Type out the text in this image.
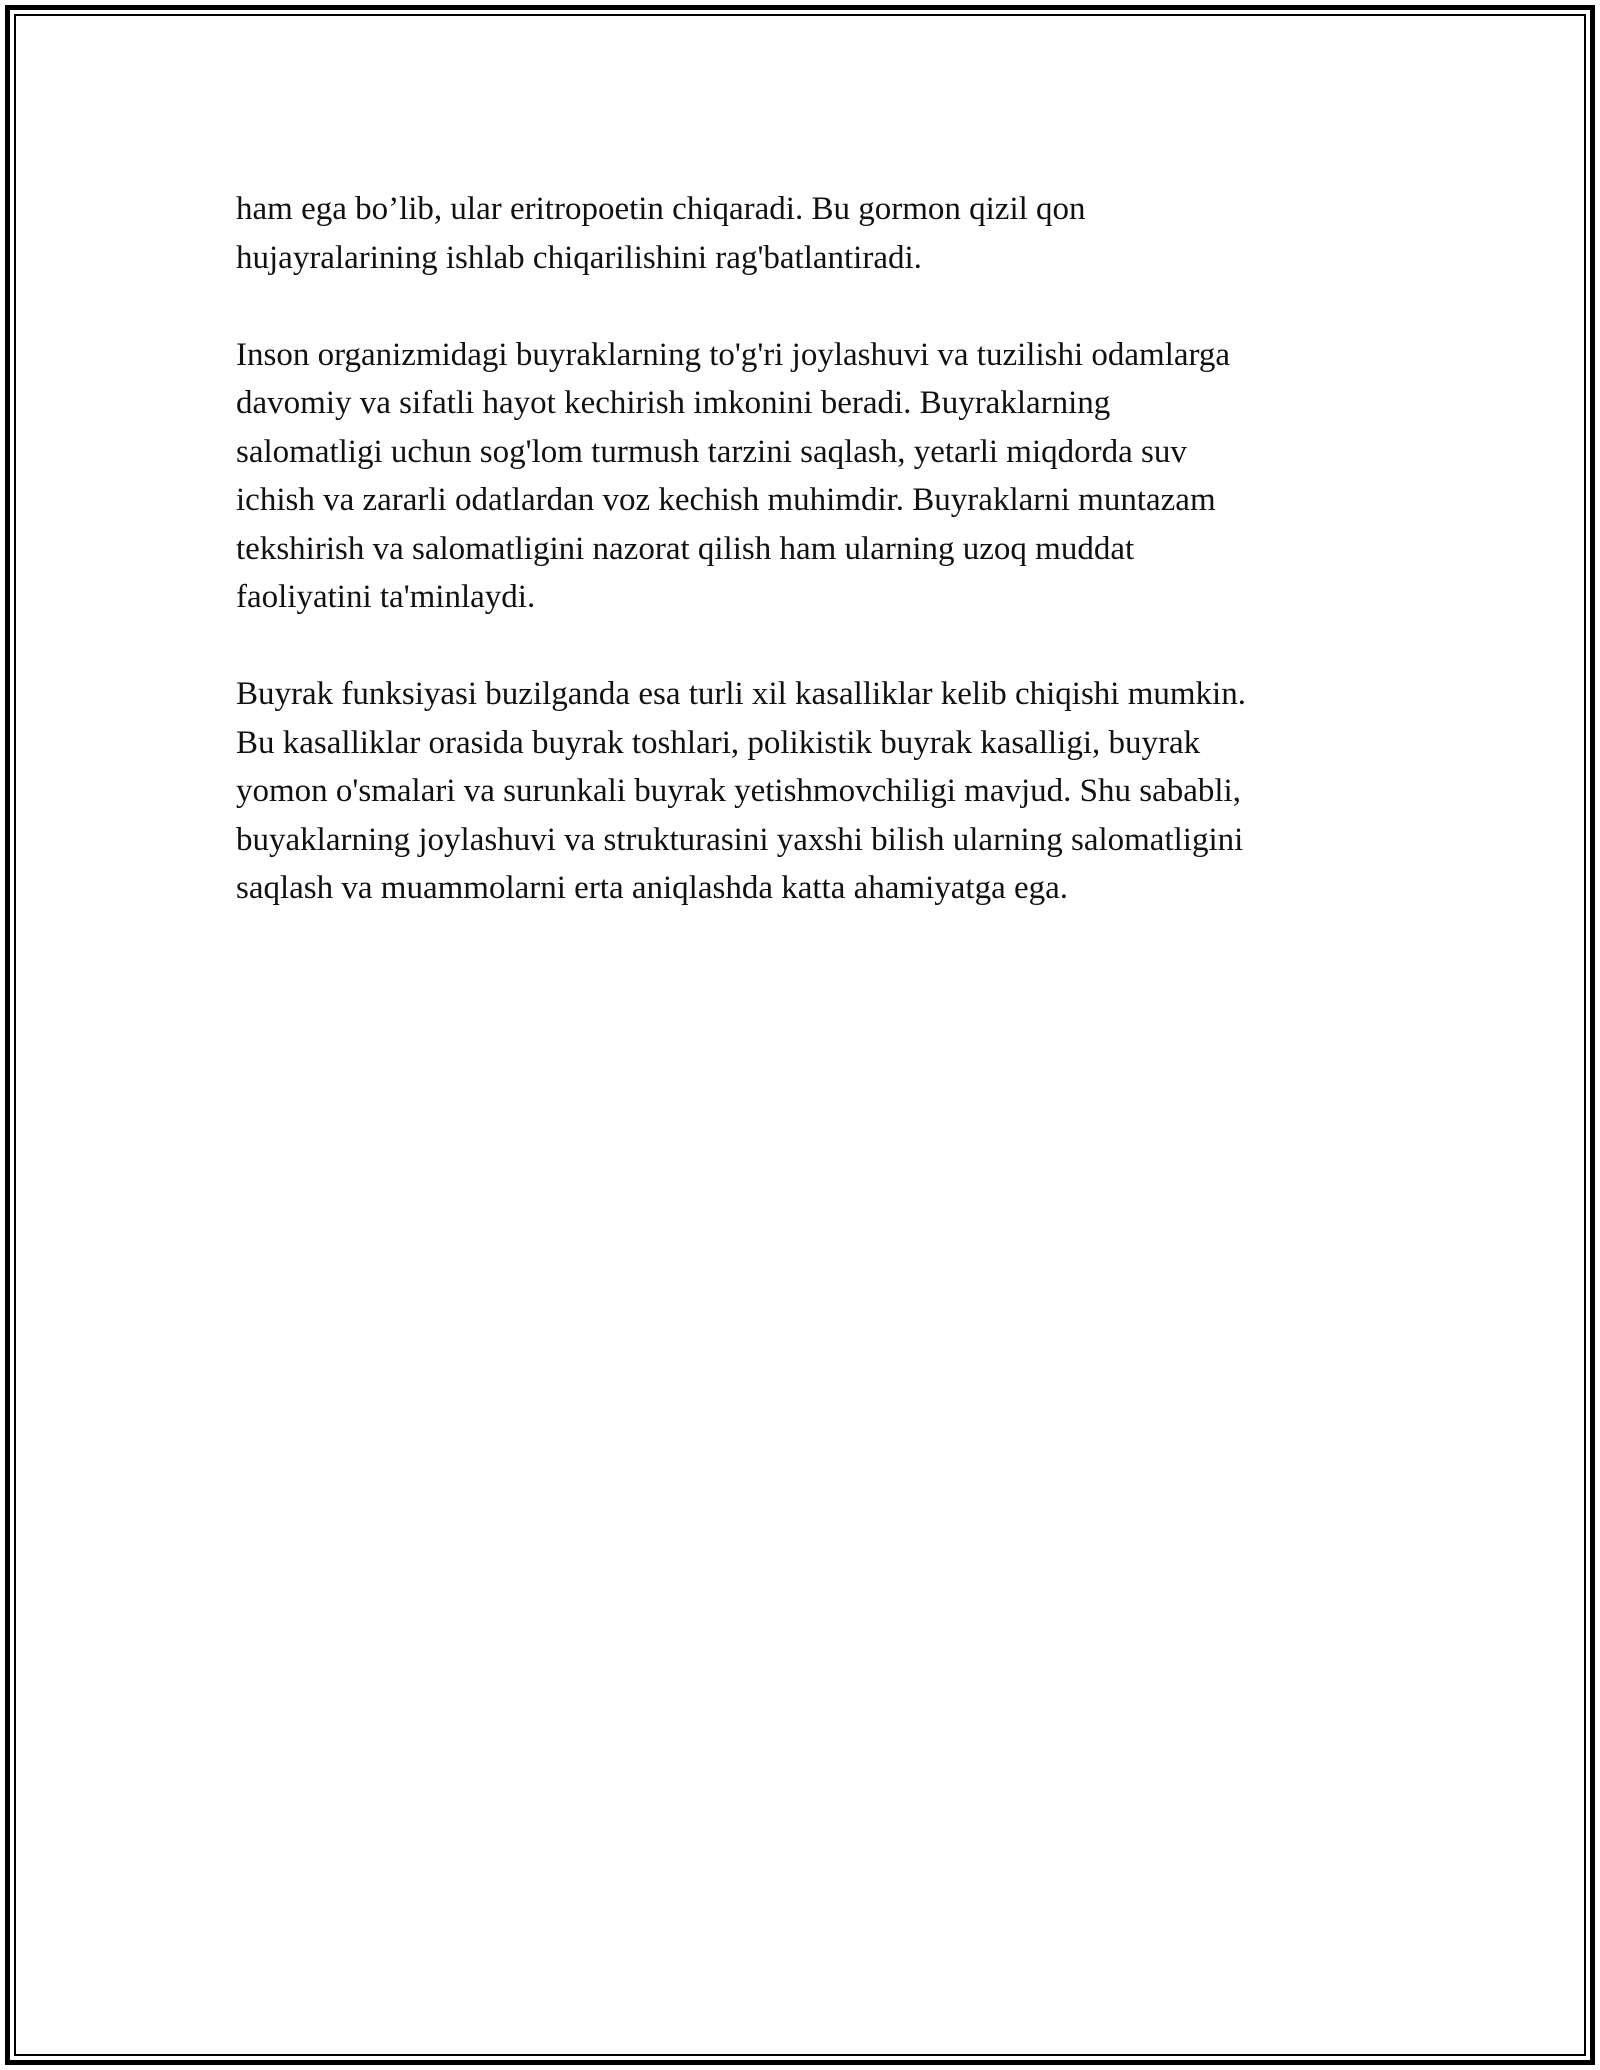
ham ega bo’lib, ular eritropoetin chiqaradi. Bu gormon qizil qon
hujayralarining ishlab chiqarilishini rag'batlantiradi.

Inson organizmidagi buyraklarning to'g'ri joylashuvi va tuzilishi odamlarga
davomiy va sifatli hayot kechirish imkonini beradi. Buyraklarning
salomatligi uchun sog'lom turmush tarzini saqlash, yetarli miqdorda suv
ichish va zararli odatlardan voz kechish muhimdir. Buyraklarni muntazam
tekshirish va salomatligini nazorat qilish ham ularning uzoq muddat
faoliyatini ta'minlaydi.

Buyrak funksiyasi buzilganda esa turli xil kasalliklar kelib chiqishi mumkin.
Bu kasalliklar orasida buyrak toshlari, polikistik buyrak kasalligi, buyrak
yomon o'smalari va surunkali buyrak yetishmovchiligi mavjud. Shu sababli,
buyaklarning joylashuvi va strukturasini yaxshi bilish ularning salomatligini
saqlash va muammolarni erta aniqlashda katta ahamiyatga ega.
